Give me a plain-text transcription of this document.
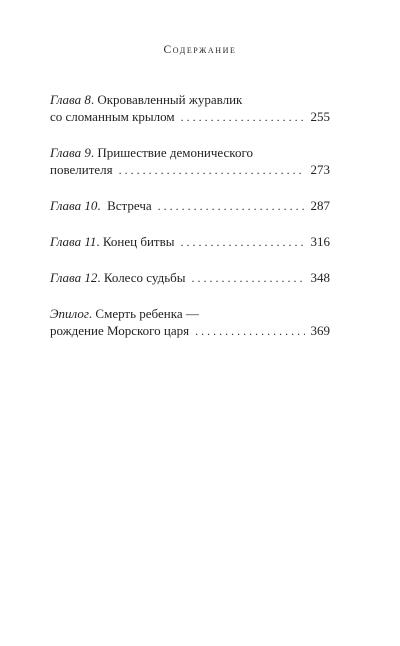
Содержание
Глава 8 . Окровавленный журавлик
со сломанным крылом . . .	255
Глава 9 . Пришествие демонического
повелителя . . .	273
Глава 10 . Встреча . . .	287
Глава 11 . Конец битвы . . .	316
Глава 12 . Колесо судьбы . . .	348
Эпилог . Смерть ребенка —
рождение Морского царя . . .	369
